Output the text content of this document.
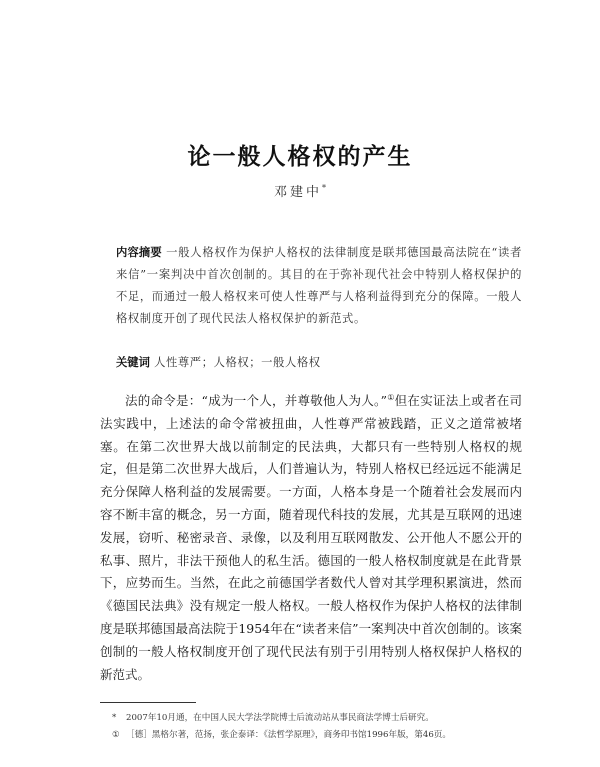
论一般人格权的产生
邓建中*
内容摘要 一般人格权作为保护人格权的法律制度是联邦德国最高法院在“读者来信”一案判决中首次创制的。其目的在于弥补现代社会中特别人格权保护的不足，而通过一般人格权来可使人性尊严与人格利益得到充分的保障。一般人格权制度开创了现代民法人格权保护的新范式。
关键词 人性尊严；人格权；一般人格权

法的命令是：“成为一个人，并尊敬他人为人。”①但在实证法上或者在司法实践中，上述法的命令常被扭曲，人性尊严常被践踏，正义之道常被堵塞。在第二次世界大战以前制定的民法典，大都只有一些特别人格权的规定，但是第二次世界大战后，人们普遍认为，特别人格权已经远远不能满足充分保障人格利益的发展需要。一方面，人格本身是一个随着社会发展而内容不断丰富的概念，另一方面，随着现代科技的发展，尤其是互联网的迅速发展，窃听、秘密录音、录像，以及利用互联网散发、公开他人不愿公开的私事、照片，非法干预他人的私生活。德国的一般人格权制度就是在此背景下，应势而生。当然，在此之前德国学者数代人曾对其学理积累演进，然而《德国民法典》没有规定一般人格权。一般人格权作为保护人格权的法律制度是联邦德国最高法院于1954年在“读者来信”一案判决中首次创制的。该案创制的一般人格权制度开创了现代民法有别于引用特别人格权保护人格权的新范式。

* 2007年10月通，在中国人民大学法学院博士后流动站从事民商法学博士后研究。
① ［德］黑格尔著，范扬，张企泰译：《法哲学原理》，商务印书馆1996年版，第46页。
